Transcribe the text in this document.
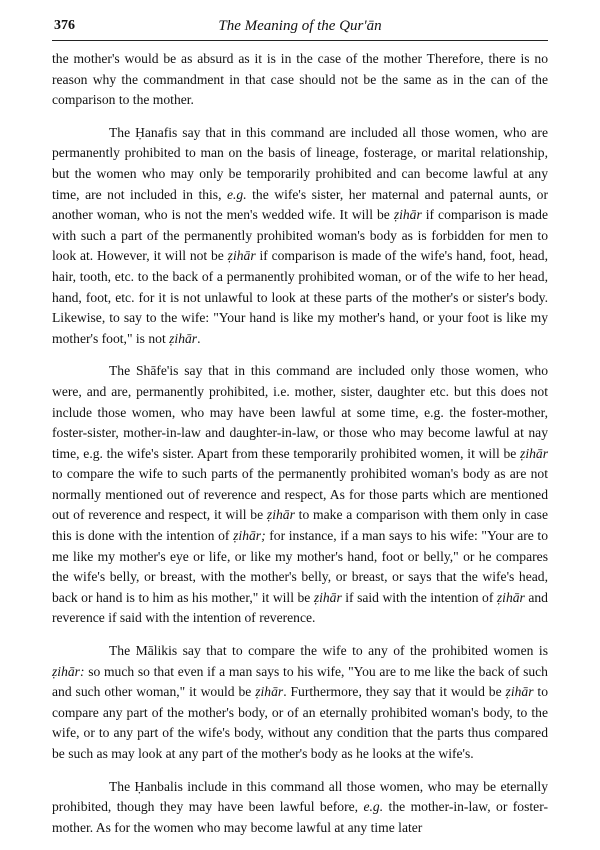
376	The Meaning of the Qur'ān

the mother's would be as absurd as it is in the case of the mother Therefore, there is no reason why the commandment in that case should not be the same as in the can of the comparison to the mother.

The Ḥanafis say that in this command are included all those women, who are permanently prohibited to man on the basis of lineage, fosterage, or marital relationship, but the women who may only be temporarily prohibited and can become lawful at any time, are not included in this, e.g. the wife's sister, her maternal and paternal aunts, or another woman, who is not the men's wedded wife. It will be ẓihār if comparison is made with such a part of the permanently prohibited woman's body as is forbidden for men to look at. However, it will not be ẓihār if comparison is made of the wife's hand, foot, head, hair, tooth, etc. to the back of a permanently prohibited woman, or of the wife to her head, hand, foot, etc. for it is not unlawful to look at these parts of the mother's or sister's body. Likewise, to say to the wife: "Your hand is like my mother's hand, or your foot is like my mother's foot," is not ẓihār.

The Shāfe'is say that in this command are included only those women, who were, and are, permanently prohibited, i.e. mother, sister, daughter etc. but this does not include those women, who may have been lawful at some time, e.g. the foster-mother, foster-sister, mother-in-law and daughter-in-law, or those who may become lawful at nay time, e.g. the wife's sister. Apart from these temporarily prohibited women, it will be ẓihār to compare the wife to such parts of the permanently prohibited woman's body as are not normally mentioned out of reverence and respect, As for those parts which are mentioned out of reverence and respect, it will be ẓihār to make a comparison with them only in case this is done with the intention of ẓihār; for instance, if a man says to his wife: "Your are to me like my mother's eye or life, or like my mother's hand, foot or belly," or he compares the wife's belly, or breast, with the mother's belly, or breast, or says that the wife's head, back or hand is to him as his mother," it will be ẓihār if said with the intention of ẓihār and reverence if said with the intention of reverence.

The Mālikis say that to compare the wife to any of the prohibited women is ẓihār: so much so that even if a man says to his wife, "You are to me like the back of such and such other woman," it would be ẓihār. Furthermore, they say that it would be ẓihār to compare any part of the mother's body, or of an eternally prohibited woman's body, to the wife, or to any part of the wife's body, without any condition that the parts thus compared be such as may look at any part of the mother's body as he looks at the wife's.

The Ḥanbalis include in this command all those women, who may be eternally prohibited, though they may have been lawful before, e.g. the mother-in-law, or foster-mother. As for the women who may become lawful at any time later
